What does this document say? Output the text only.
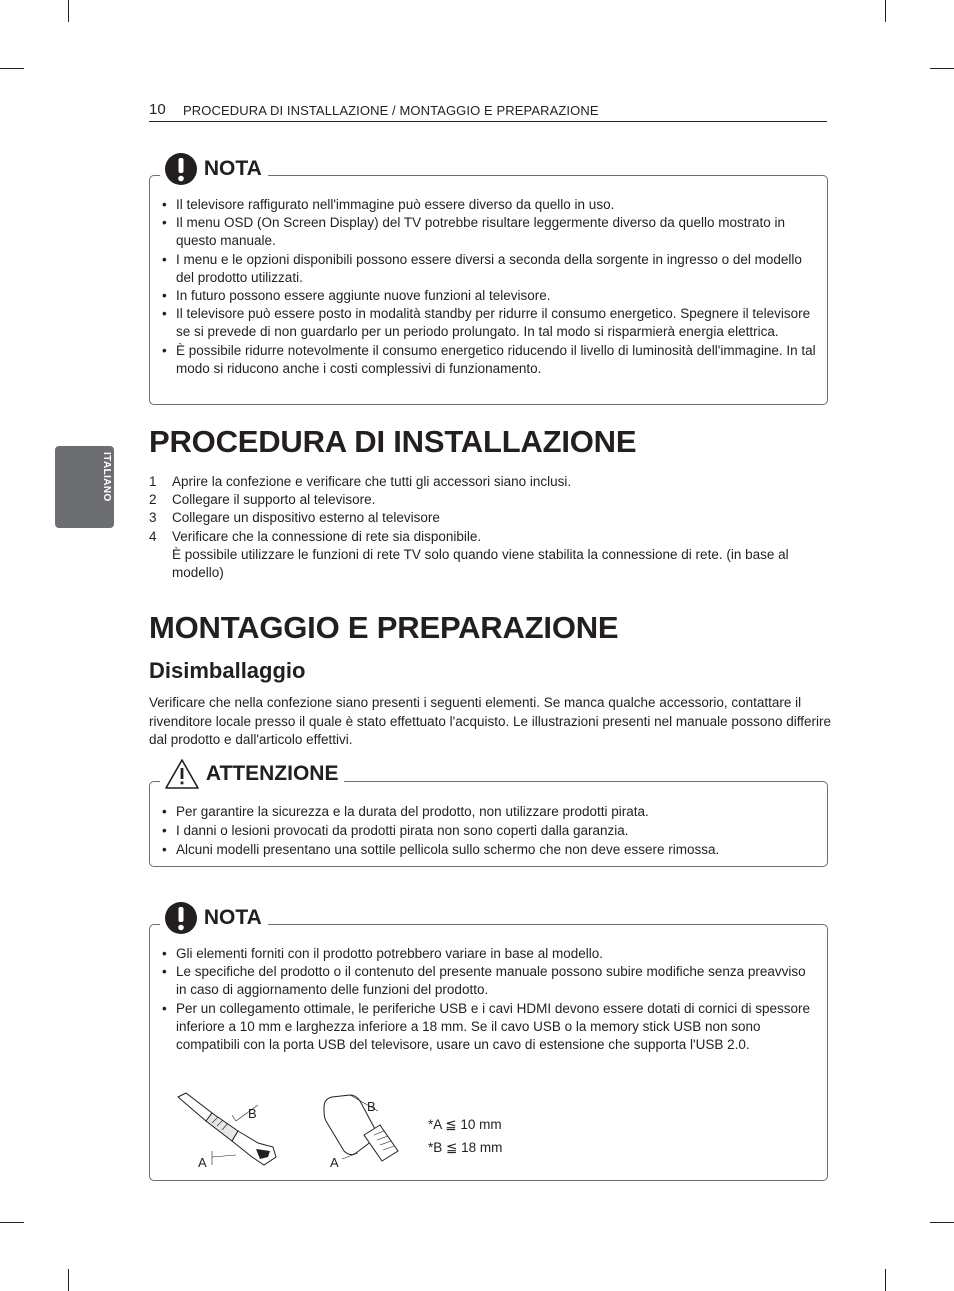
10 PROCEDURA DI INSTALLAZIONE / MONTAGGIO E PREPARAZIONE
ITALIANO
NOTA
• Il televisore raffigurato nell'immagine può essere diverso da quello in uso.
• Il menu OSD (On Screen Display) del TV potrebbe risultare leggermente diverso da quello mostrato in questo manuale.
• I menu e le opzioni disponibili possono essere diversi a seconda della sorgente in ingresso o del modello del prodotto utilizzati.
• In futuro possono essere aggiunte nuove funzioni al televisore.
• Il televisore può essere posto in modalità standby per ridurre il consumo energetico. Spegnere il televisore se si prevede di non guardarlo per un periodo prolungato. In tal modo si risparmierà energia elettrica.
• È possibile ridurre notevolmente il consumo energetico riducendo il livello di luminosità dell'immagine. In tal modo si riducono anche i costi complessivi di funzionamento.
PROCEDURA DI INSTALLAZIONE
1 Aprire la confezione e verificare che tutti gli accessori siano inclusi.
2 Collegare il supporto al televisore.
3 Collegare un dispositivo esterno al televisore
4 Verificare che la connessione di rete sia disponibile.
È possibile utilizzare le funzioni di rete TV solo quando viene stabilita la connessione di rete. (in base al modello)
MONTAGGIO E PREPARAZIONE
Disimballaggio

Verificare che nella confezione siano presenti i seguenti elementi. Se manca qualche accessorio, contattare il rivenditore locale presso il quale è stato effettuato l'acquisto. Le illustrazioni presenti nel manuale possono differire dal prodotto e dall'articolo effettivi.

ATTENZIONE
• Per garantire la sicurezza e la durata del prodotto, non utilizzare prodotti pirata.
• I danni o lesioni provocati da prodotti pirata non sono coperti dalla garanzia.
• Alcuni modelli presentano una sottile pellicola sullo schermo che non deve essere rimossa.
NOTA
• Gli elementi forniti con il prodotto potrebbero variare in base al modello.
• Le specifiche del prodotto o il contenuto del presente manuale possono subire modifiche senza preavviso in caso di aggiornamento delle funzioni del prodotto.
• Per un collegamento ottimale, le periferiche USB e i cavi HDMI devono essere dotati di cornici di spessore inferiore a 10 mm e larghezza inferiore a 18 mm. Se il cavo USB o la memory stick USB non sono compatibili con la porta USB del televisore, usare un cavo di estensione che supporta l'USB 2.0.
B
A
B
A
*A ≦ 10 mm
*B ≦ 18 mm
